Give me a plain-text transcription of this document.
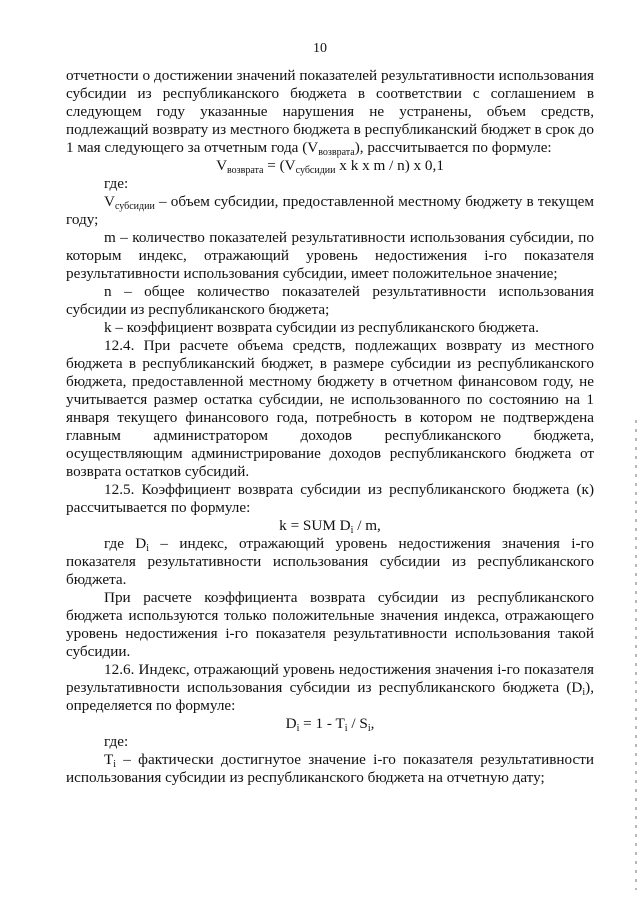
10

отчетности о достижении значений показателей результативности использования субсидии из республиканского бюджета в соответствии с соглашением в следующем году указанные нарушения не устранены, объем средств, подлежащий возврату из местного бюджета в республиканский бюджет в срок до 1 мая следующего за отчетным года $(V_{возврата})$, рассчитывается по формуле:

$V_{возврата} = (V_{субсидии}$ x k x m / n) x 0,1

где:

$V_{субсидии}$ – объем субсидии, предоставленной местному бюджету в текущем году;

m – количество показателей результативности использования субсидии, по которым индекс, отражающий уровень недостижения i-го показателя результативности использования субсидии, имеет положительное значение;

n – общее количество показателей результативности использования субсидии из республиканского бюджета;

k – коэффициент возврата субсидии из республиканского бюджета.

12.4. При расчете объема средств, подлежащих возврату из местного бюджета в республиканский бюджет, в размере субсидии из республиканского бюджета, предоставленной местному бюджету в отчетном финансовом году, не учитывается размер остатка субсидии, не использованного по состоянию на 1 января текущего финансового года, потребность в котором не подтверждена главным администратором доходов республиканского бюджета, осуществляющим администрирование доходов республиканского бюджета от возврата остатков субсидий.

12.5. Коэффициент возврата субсидии из республиканского бюджета (к) рассчитывается по формуле:

k = SUM $D_i$ / m,

где $D_i$ – индекс, отражающий уровень недостижения значения i-го показателя результативности использования субсидии из республиканского бюджета.

При расчете коэффициента возврата субсидии из республиканского бюджета используются только положительные значения индекса, отражающего уровень недостижения i-го показателя результативности использования такой субсидии.

12.6. Индекс, отражающий уровень недостижения значения i-го показателя результативности использования субсидии из республиканского бюджета $(D_i)$, определяется по формуле:

$D_i = 1 - T_i / S_i$,

где:

$T_i$ – фактически достигнутое значение i-го показателя результативности использования субсидии из республиканского бюджета на отчетную дату;
